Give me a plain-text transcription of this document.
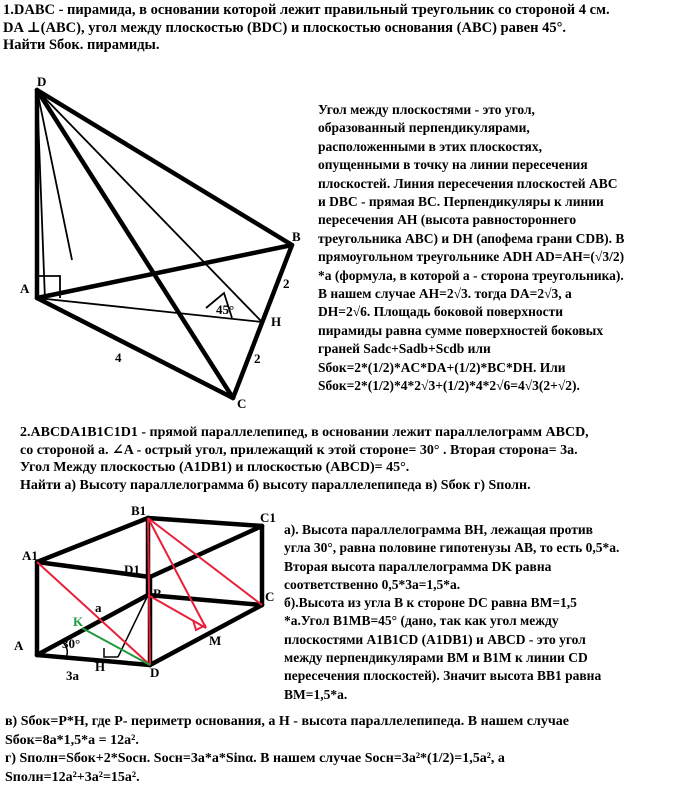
1.DABC - пирамида, в основании которой лежит правильный треугольник со стороной 4 см.
DA ⊥(ABC), угол между плоскостью (BDC) и плоскостью основания (ABC) равен 45°.
Найти Sбок. пирамиды.
D
A
B
C
H
45°
4
2
2
B1	C1
A1
D1
B	C
A
D
K
H
M
a
30°
3a
Угол между плоскостями - это угол,
образованный перпендикулярами,
расположенными в этих плоскостях,
опущенными в точку на линии пересечения
плоскостей. Линия пересечения плоскостей ABC
и DBC - прямая BC. Перпендикуляры к линии
пересечения AH (высота равностороннего
треугольника ABC) и DH (апофема грани CDB). В
прямоугольном треугольнике ADH AD=AH=(√3/2)
*a (формула, в которой a - сторона треугольника).
В нашем случае AH=2√3. тогда DA=2√3, а
DH=2√6. Площадь боковой поверхности
пирамиды равна сумме поверхностей боковых
граней Sadc+Sadb+Scdb или
Sбок=2*(1/2)*AC*DA+(1/2)*BC*DH. Или
Sбок=2*(1/2)*4*2√3+(1/2)*4*2√6=4√3(2+√2).
2.ABCDA1B1C1D1 - прямой параллелепипед, в основании лежит параллелограмм ABCD,
со стороной а. ∠A - острый угол, прилежащий к этой стороне= 30° . Вторая сторона= 3a.
Угол Между плоскостью (A1DB1) и плоскостью (ABCD)= 45°.
Найти а) Высоту параллелограмма б) высоту параллелепипеда в) Sбок г) Sполн.
а). Высота параллелограмма BH, лежащая против
угла 30°, равна половине гипотенузы AB, то есть 0,5*a.
Вторая высота параллелограмма DK равна
соответственно 0,5*3a=1,5*a.
б).Высота из угла B к стороне DC равна BM=1,5
*a.Угол B1MB=45° (дано, так как угол между
плоскостями A1B1CD (A1DB1) и ABCD - это угол
между перпендикулярами BM и B1M к линии CD
пересечения плоскостей). Значит высота BB1 равна
BM=1,5*a.
в) Sбок=P*H, где P- периметр основания, а H - высота параллелепипеда. В нашем случае
Sбок=8a*1,5*a = 12a².
г) Sполн=Sбок+2*Sосн. Sосн=3a*a*Sinα. В нашем случае Sосн=3a²*(1/2)=1,5a², а
Sполн=12a²+3a²=15a².
